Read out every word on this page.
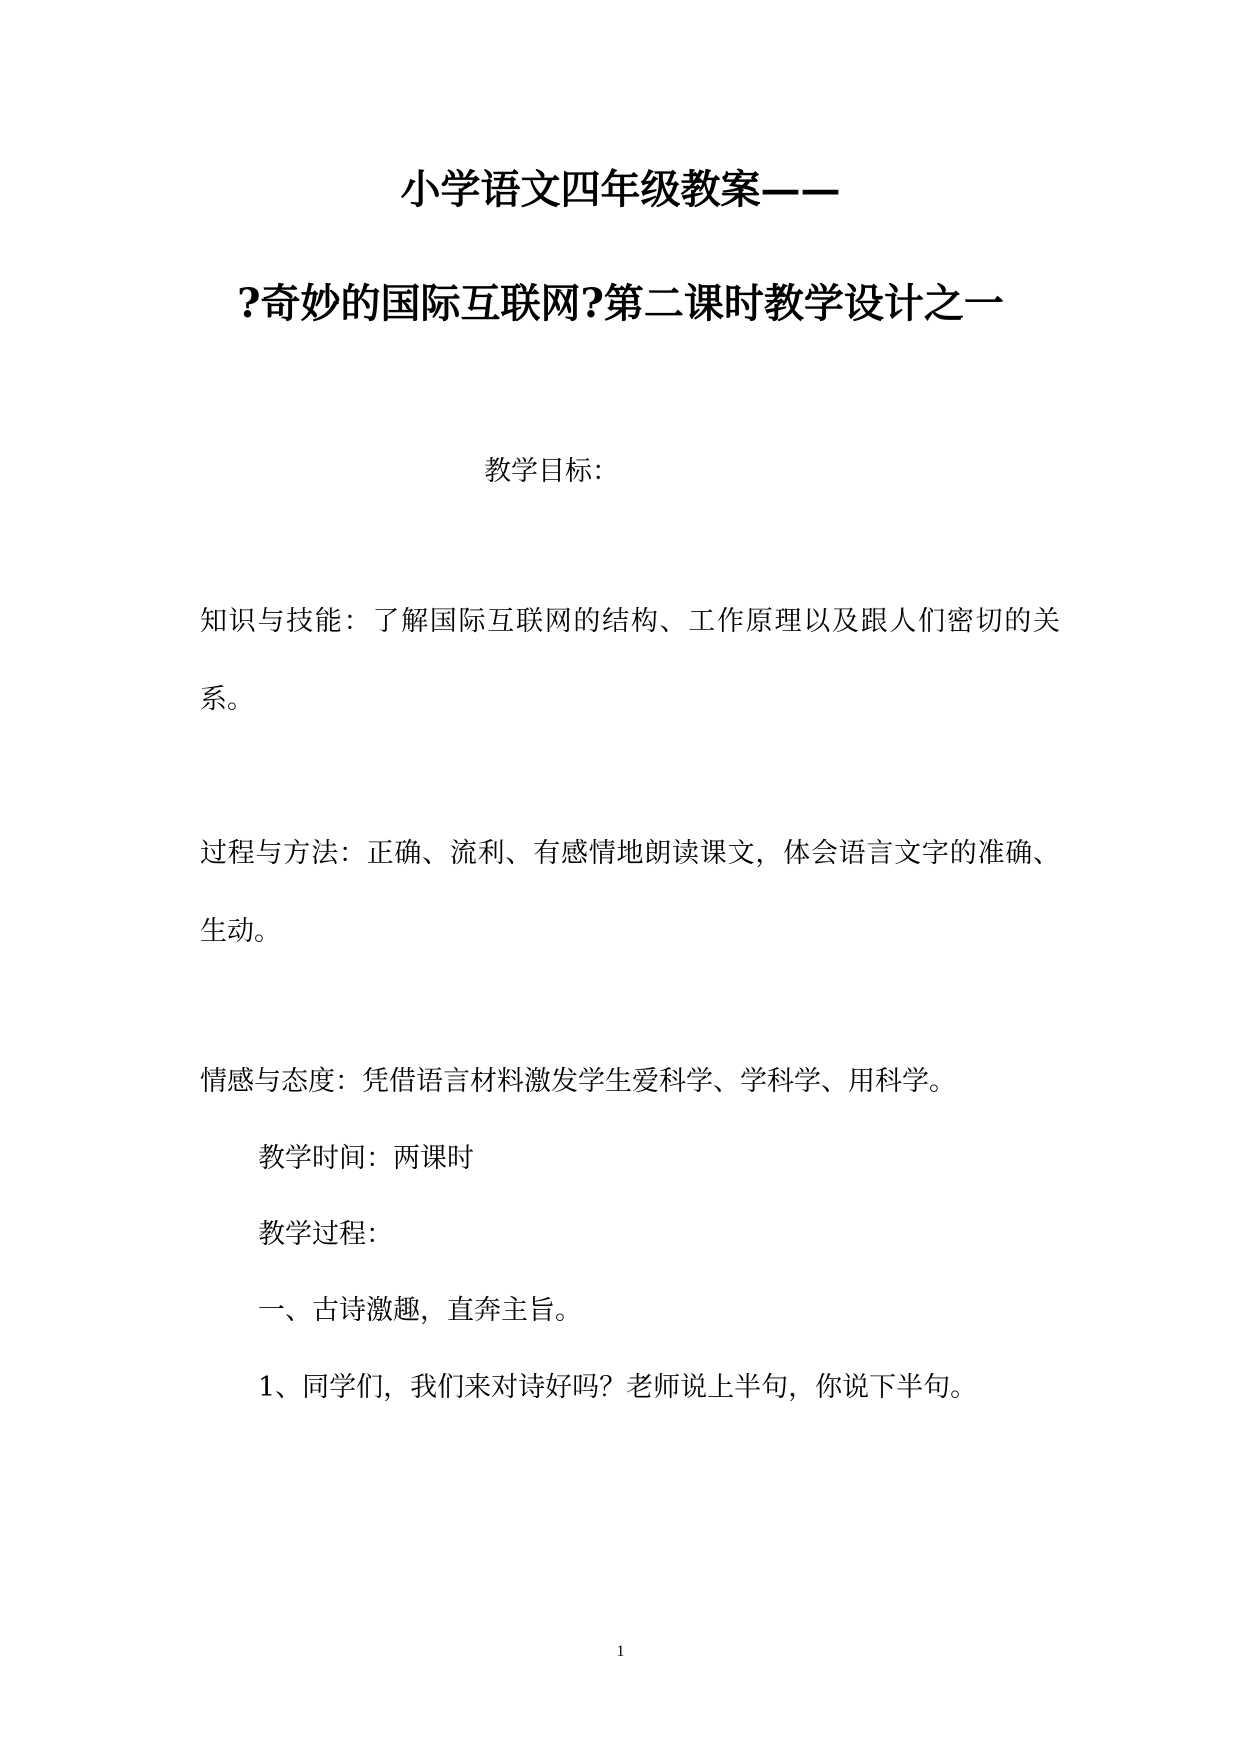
小学语文四年级教案——
?奇妙的国际互联网?第二课时教学设计之一
教学目标：
知识与技能：了解国际互联网的结构、工作原理以及跟人们密切的关系。
过程与方法：正确、流利、有感情地朗读课文，体会语言文字的准确、生动。
情感与态度：凭借语言材料激发学生爱科学、学科学、用科学。
教学时间：两课时
教学过程：
一、古诗激趣，直奔主旨。
1、同学们，我们来对诗好吗？老师说上半句，你说下半句。
1
